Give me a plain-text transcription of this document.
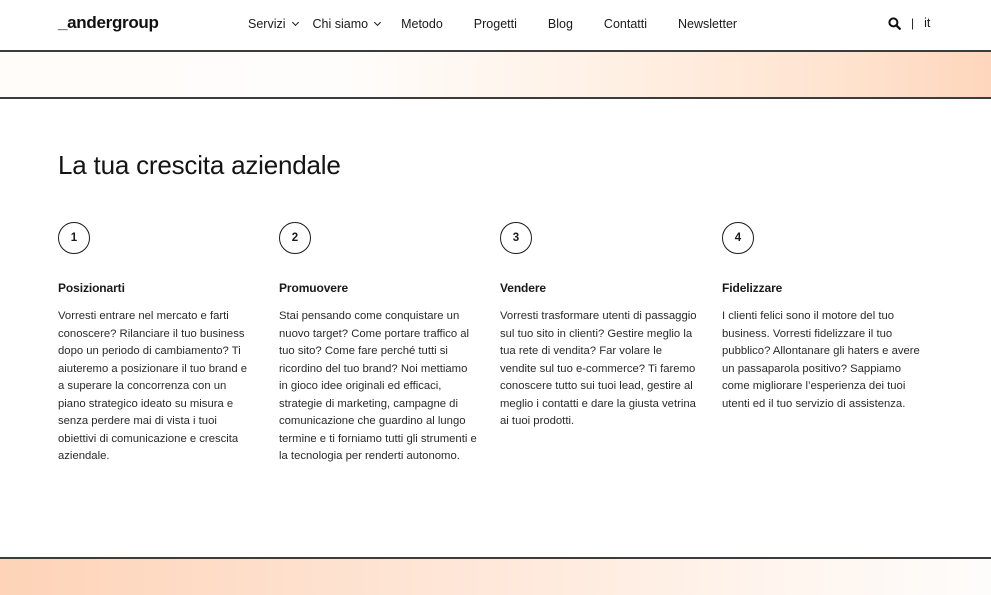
_andergroup	Servizi Chi siamo	Metodo Progetti Blog Contatti Newsletter	| it
La tua crescita aziendale
1
Posizionarti

Vorresti entrare nel mercato e farti conoscere? Rilanciare il tuo business dopo un periodo di cambiamento? Ti aiuteremo a posizionare il tuo brand e a superare la concorrenza con un piano strategico ideato su misura e senza perdere mai di vista i tuoi obiettivi di comunicazione e crescita aziendale.

2
Promuovere

Stai pensando come conquistare un nuovo target? Come portare traffico al tuo sito? Come fare perché tutti si ricordino del tuo brand? Noi mettiamo in gioco idee originali ed efficaci, strategie di marketing, campagne di comunicazione che guardino al lungo termine e ti forniamo tutti gli strumenti e la tecnologia per renderti autonomo.

3
Vendere

Vorresti trasformare utenti di passaggio sul tuo sito in clienti? Gestire meglio la tua rete di vendita? Far volare le vendite sul tuo e-commerce? Ti faremo conoscere tutto sui tuoi lead, gestire al meglio i contatti e dare la giusta vetrina ai tuoi prodotti.

4
Fidelizzare

I clienti felici sono il motore del tuo business. Vorresti fidelizzare il tuo pubblico? Allontanare gli haters e avere un passaparola positivo? Sappiamo come migliorare l’esperienza dei tuoi utenti ed il tuo servizio di assistenza.
